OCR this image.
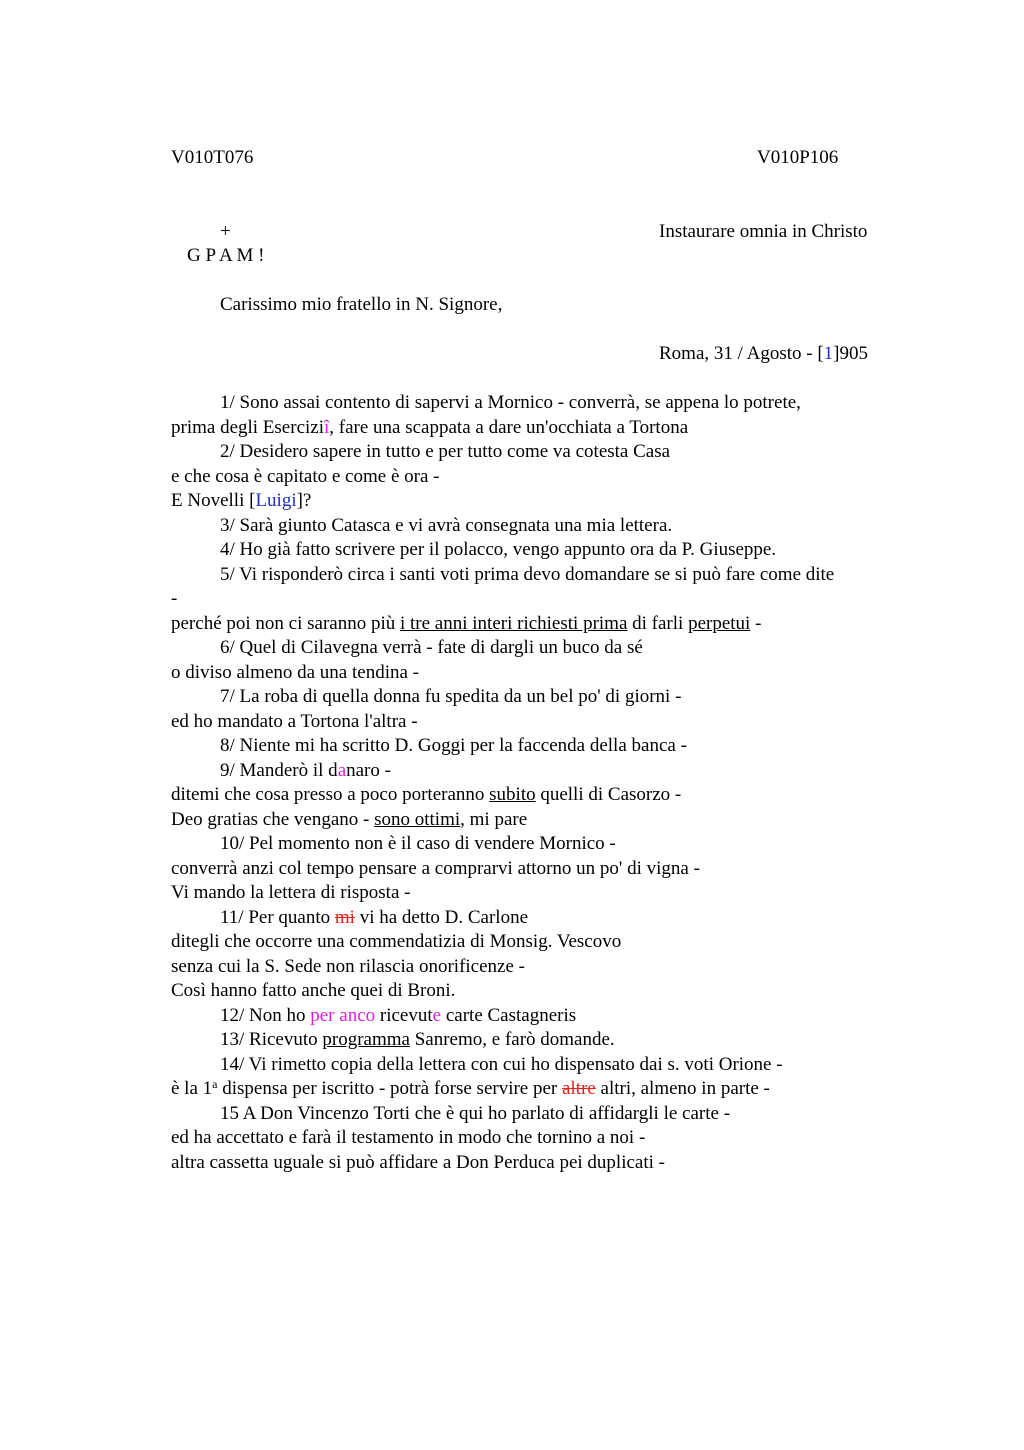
V010T076	V010P106
+	Instaurare omnia in Christo
G P A M !
Carissimo mio fratello in N. Signore,
Roma, 31 / Agosto - [1]905
1/ Sono assai contento di sapervi a Mornico - converrà, se appena lo potrete,
prima degli Eserciziî, fare una scappata a dare un'occhiata a Tortona
2/ Desidero sapere in tutto e per tutto come va cotesta Casa
e che cosa è capitato e come è ora -
E Novelli [Luigi]?
3/ Sarà giunto Catasca e vi avrà consegnata una mia lettera.
4/ Ho già fatto scrivere per il polacco, vengo appunto ora da P. Giuseppe.
5/ Vi risponderò circa i santi voti prima devo domandare se si può fare come dite
-
perché poi non ci saranno più i tre anni interi richiesti prima di farli perpetui -
6/ Quel di Cilavegna verrà - fate di dargli un buco da sé
o diviso almeno da una tendina -
7/ La roba di quella donna fu spedita da un bel po' di giorni -
ed ho mandato a Tortona l'altra -
8/ Niente mi ha scritto D. Goggi per la faccenda della banca -
9/ Manderò il danaro -
ditemi che cosa presso a poco porteranno subito quelli di Casorzo -
Deo gratias che vengano - sono ottimi, mi pare
10/ Pel momento non è il caso di vendere Mornico -
converrà anzi col tempo pensare a comprarvi attorno un po' di vigna -
Vi mando la lettera di risposta -
11/ Per quanto mi vi ha detto D. Carlone
ditegli che occorre una commendatizia di Monsig. Vescovo
senza cui la S. Sede non rilascia onorificenze -
Così hanno fatto anche quei di Broni.
12/ Non ho per anco ricevute carte Castagneris
13/ Ricevuto programma Sanremo, e farò domande.
14/ Vi rimetto copia della lettera con cui ho dispensato dai s. voti Orione -
è la 1$^a$ dispensa per iscritto - potrà forse servire per altre altri, almeno in parte -
15 A Don Vincenzo Torti che è qui ho parlato di affidargli le carte -
ed ha accettato e farà il testamento in modo che tornino a noi -
altra cassetta uguale si può affidare a Don Perduca pei duplicati -
